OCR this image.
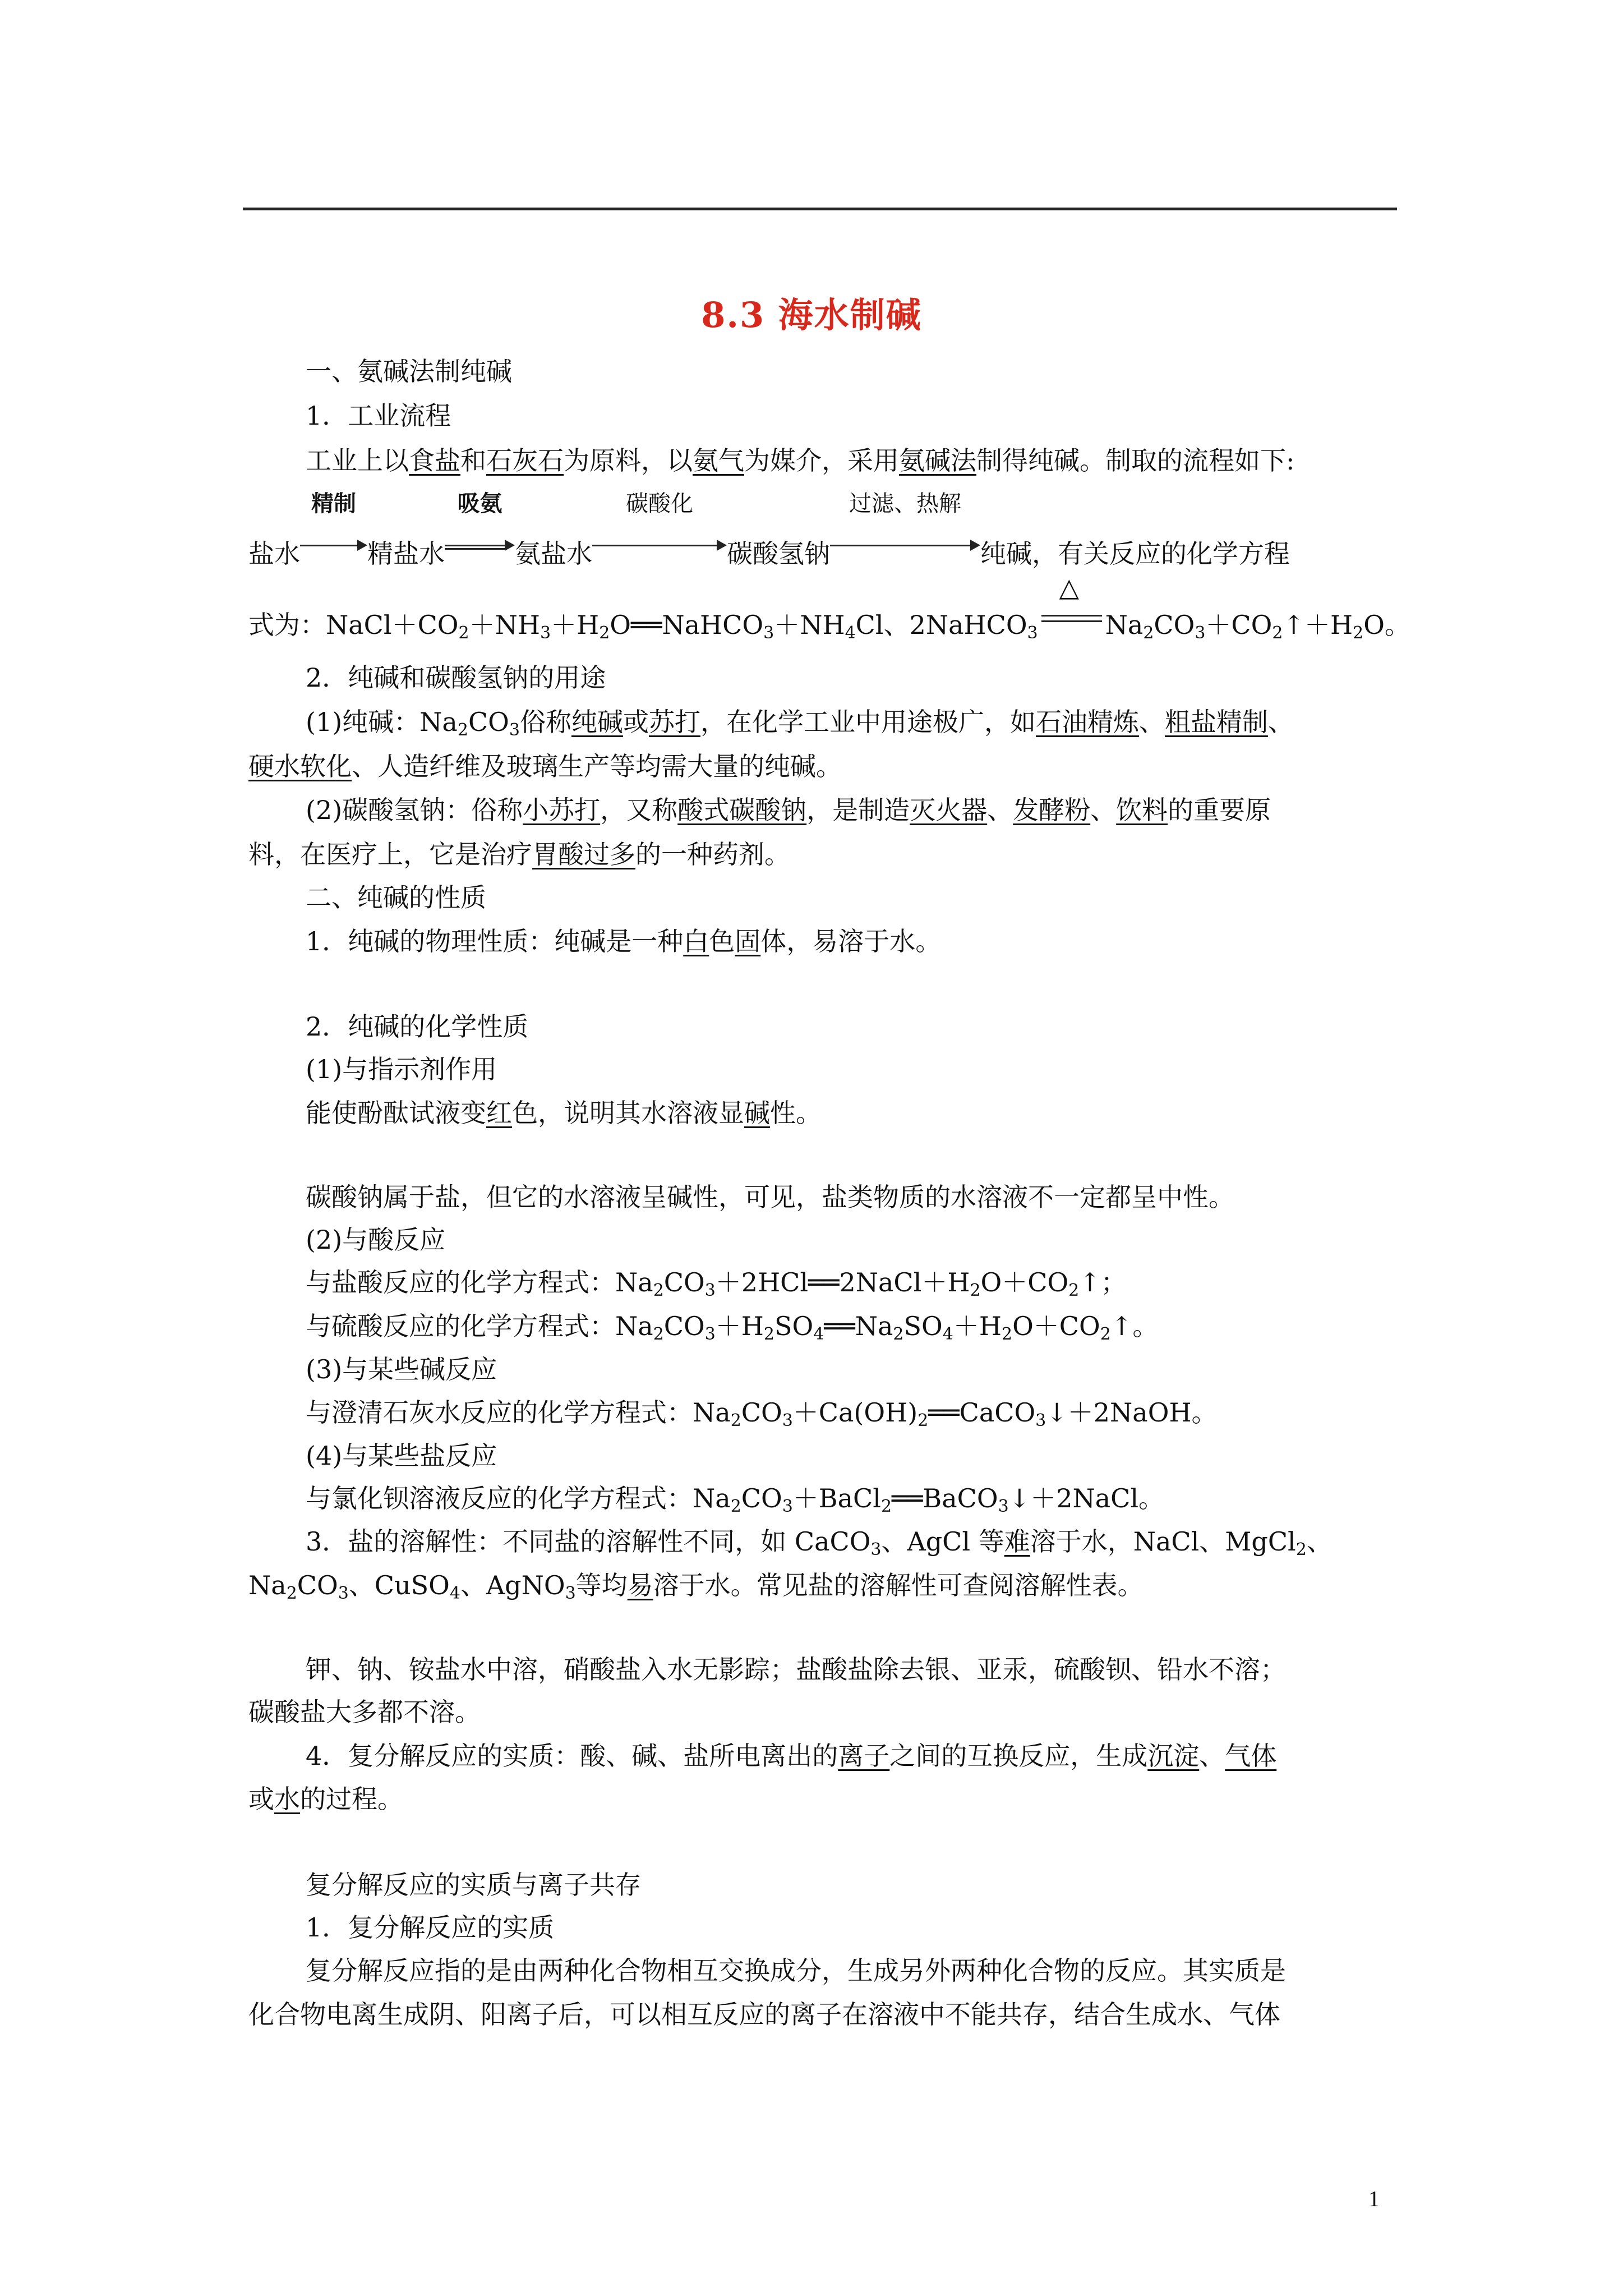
8.3 海水制碱
一、氨碱法制纯碱
1．工业流程
工业上以食盐和石灰石为原料，以氨气为媒介，采用氨碱法制得纯碱。制取的流程如下:
盐水
精制
精盐水
吸氨
氨盐水
碳酸化
碳酸氢钠
过滤、热解
纯碱，有关反应的化学方程
式为：$NaCl+CO_2+NH_3+H_2O══NaHCO_3+NH_4Cl$、2NaHCO$_3$
△
$Na_2CO_3+CO_2↑+H_2O$。
2．纯碱和碳酸氢钠的用途
(1)纯碱：$Na_2CO_3$俗称纯碱或苏打，在化学工业中用途极广，如石油精炼、粗盐精制、
硬水软化、人造纤维及玻璃生产等均需大量的纯碱。
(2)碳酸氢钠：俗称小苏打，又称酸式碳酸钠，是制造灭火器、发酵粉、饮料的重要原
料，在医疗上，它是治疗胃酸过多的一种药剂。
二、纯碱的性质
1．纯碱的物理性质：纯碱是一种白色固体，易溶于水。
2．纯碱的化学性质
(1)与指示剂作用
能使酚酞试液变红色，说明其水溶液显碱性。
碳酸钠属于盐，但它的水溶液呈碱性，可见，盐类物质的水溶液不一定都呈中性。
(2)与酸反应
与盐酸反应的化学方程式：$Na_2CO_3+2HCl══2NaCl+H_2O+CO_2↑$；
与硫酸反应的化学方程式：$Na_2CO_3+H_2SO_4══Na_2SO_4+H_2O+CO_2↑$。
(3)与某些碱反应
与澄清石灰水反应的化学方程式：$Na_2CO_3+Ca(OH)_2══CaCO_3↓+2NaOH$。
(4)与某些盐反应
与氯化钡溶液反应的化学方程式：$Na_2CO_3+BaCl_2══BaCO_3↓+2NaCl$。
3．盐的溶解性：不同盐的溶解性不同，如 CaCO$_3$、AgCl 等难溶于水，NaCl、MgCl$_2$、
$Na_2CO_3$、CuSO$_4$、AgNO$_3$等均易溶于水。常见盐的溶解性可查阅溶解性表。
钾、钠、铵盐水中溶，硝酸盐入水无影踪；盐酸盐除去银、亚汞，硫酸钡、铅水不溶；
碳酸盐大多都不溶。
4．复分解反应的实质：酸、碱、盐所电离出的离子之间的互换反应，生成沉淀、气体
或水的过程。
复分解反应的实质与离子共存
1．复分解反应的实质
复分解反应指的是由两种化合物相互交换成分，生成另外两种化合物的反应。其实质是
化合物电离生成阴、阳离子后，可以相互反应的离子在溶液中不能共存，结合生成水、气体
1
